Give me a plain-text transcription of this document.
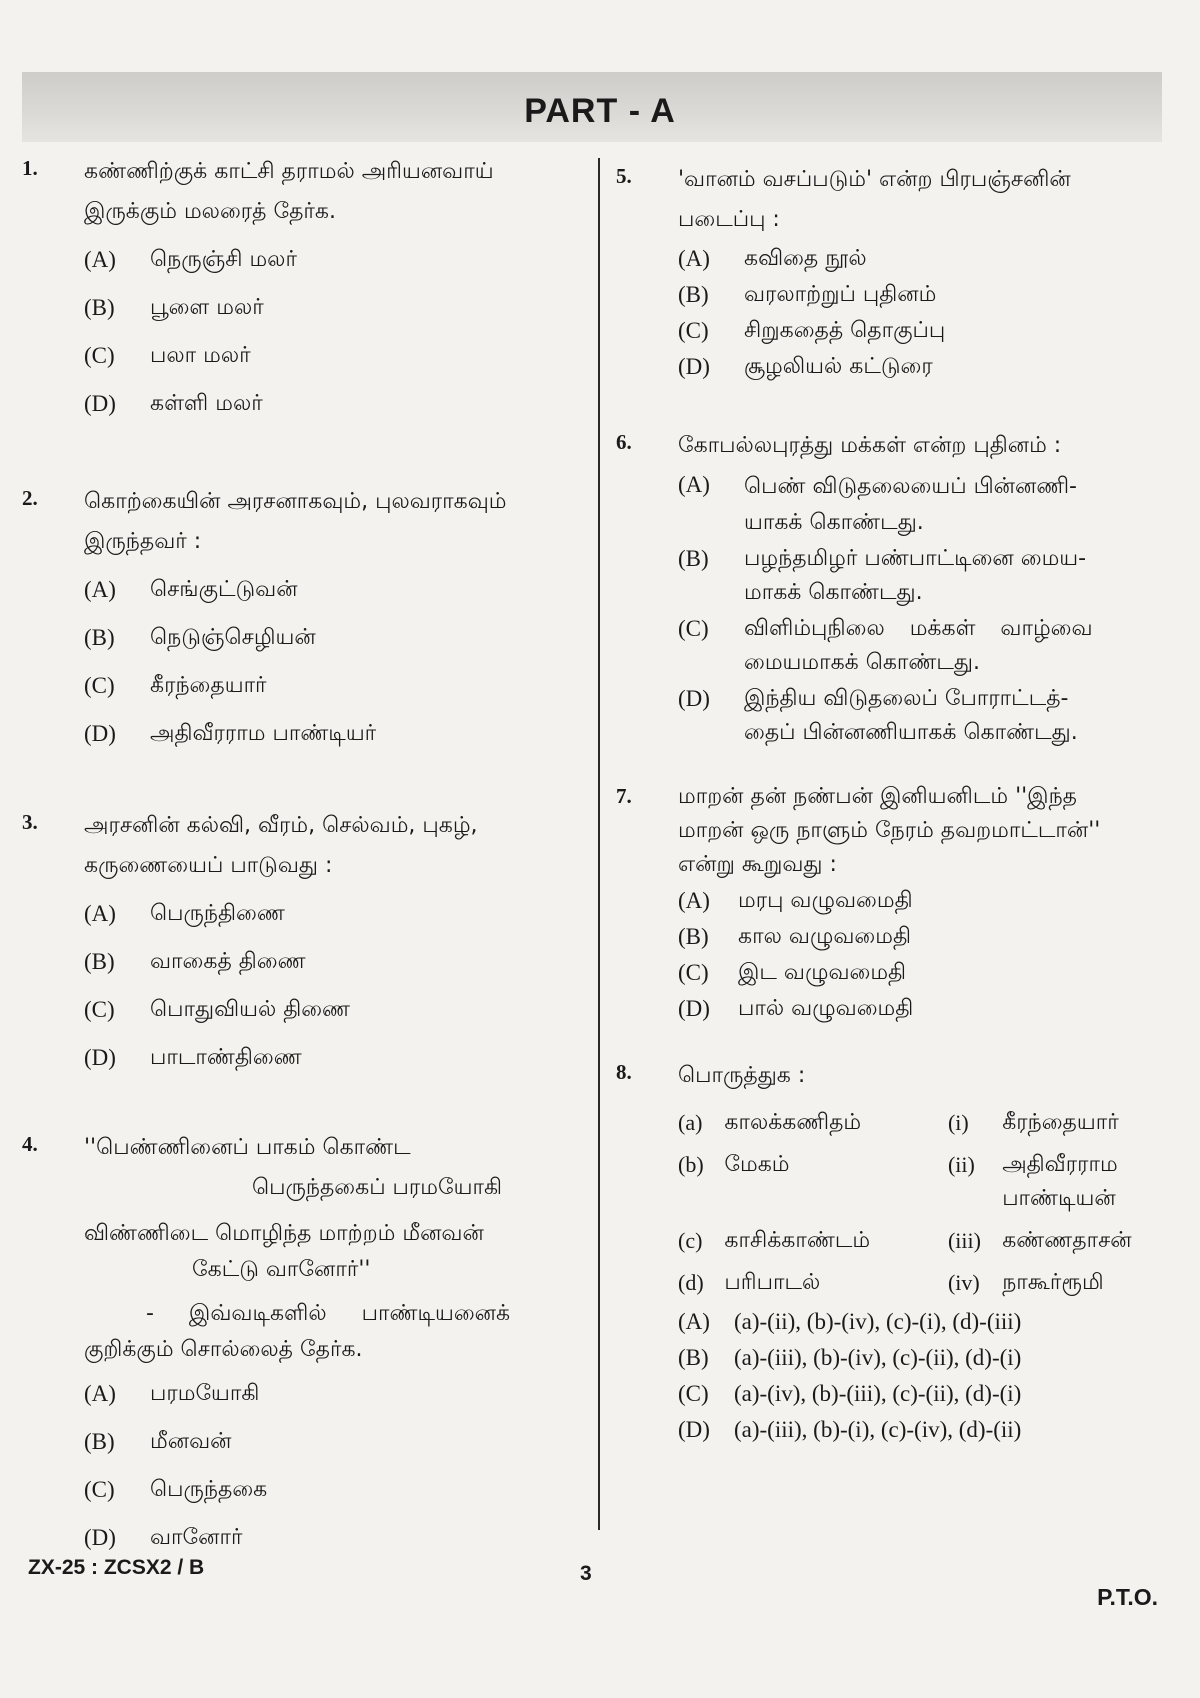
PART - A
1. கண்ணிற்குக் காட்சி தராமல் அரியனவாய்
இருக்கும் மலரைத் தேர்க.
(A) நெருஞ்சி மலர்
(B) பூளை மலர்
(C) பலா மலர்
(D) கள்ளி மலர்
2. கொற்கையின் அரசனாகவும், புலவராகவும்
இருந்தவர் :
(A) செங்குட்டுவன்
(B) நெடுஞ்செழியன்
(C) கீரந்தையார்
(D) அதிவீரராம பாண்டியர்
3. அரசனின் கல்வி, வீரம், செல்வம், புகழ்,
கருணையைப் பாடுவது :
(A) பெருந்திணை
(B) வாகைத் திணை
(C) பொதுவியல் திணை
(D) பாடாண்திணை
4. ''பெண்ணினைப் பாகம் கொண்ட
பெருந்தகைப் பரமயோகி
விண்ணிடை மொழிந்த மாற்றம் மீனவன்
கேட்டு வானோர்''
- இவ்வடிகளில் பாண்டியனைக்
குறிக்கும் சொல்லைத் தேர்க.
(A) பரமயோகி
(B) மீனவன்
(C) பெருந்தகை
(D) வானோர்
5. 'வானம் வசப்படும்' என்ற பிரபஞ்சனின்
படைப்பு :
(A) கவிதை நூல்
(B) வரலாற்றுப் புதினம்
(C) சிறுகதைத் தொகுப்பு
(D) சூழலியல் கட்டுரை
6. கோபல்லபுரத்து மக்கள் என்ற புதினம் :
(A) பெண் விடுதலையைப் பின்னணி-
யாகக் கொண்டது.
(B) பழந்தமிழர் பண்பாட்டினை மைய-
மாகக் கொண்டது.
(C) விளிம்புநிலை மக்கள் வாழ்வை
மையமாகக் கொண்டது.
(D) இந்திய விடுதலைப் போராட்டத்-
தைப் பின்னணியாகக் கொண்டது.
7. மாறன் தன் நண்பன் இனியனிடம் ''இந்த
மாறன் ஒரு நாளும் நேரம் தவறமாட்டான்''
என்று கூறுவது :
(A) மரபு வழுவமைதி
(B) கால வழுவமைதி
(C) இட வழுவமைதி
(D) பால் வழுவமைதி
8. பொருத்துக :
(a)	காலக்கணிதம்	(i)	கீரந்தையார்
(b)	மேகம்	(ii)	அதிவீரராம
பாண்டியன்

(c)	காசிக்காண்டம்	(iii)	கண்ணதாசன்
(d)	பரிபாடல்	(iv)	நாகூர்ரூமி
(A) (a)-(ii), (b)-(iv), (c)-(i), (d)-(iii)
(B) (a)-(iii), (b)-(iv), (c)-(ii), (d)-(i)
(C) (a)-(iv), (b)-(iii), (c)-(ii), (d)-(i)
(D) (a)-(iii), (b)-(i), (c)-(iv), (d)-(ii)
ZX-25 : ZCSX2 / B	3
P.T.O.
